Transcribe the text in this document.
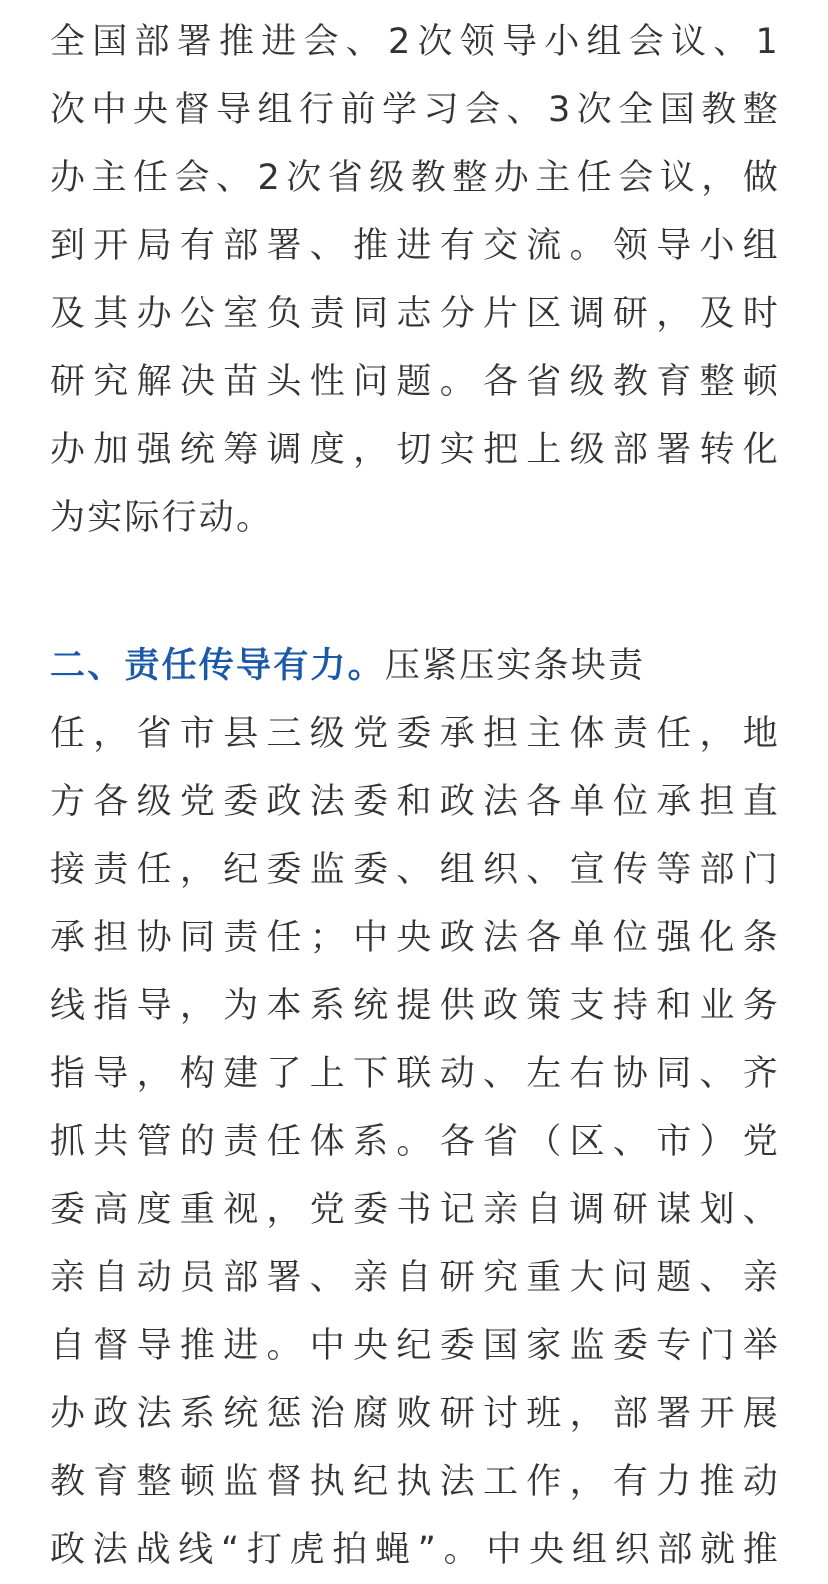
全国部署推进会、2次领导小组会议、1
次中央督导组行前学习会、3次全国教整
办主任会、2次省级教整办主任会议，做
到开局有部署、推进有交流。领导小组
及其办公室负责同志分片区调研，及时
研究解决苗头性问题。各省级教育整顿
办加强统筹调度，切实把上级部署转化
为实际行动。
二、责任传导有力。压紧压实条块责
任，省市县三级党委承担主体责任，地
方各级党委政法委和政法各单位承担直
接责任，纪委监委、组织、宣传等部门
承担协同责任；中央政法各单位强化条
线指导，为本系统提供政策支持和业务
指导，构建了上下联动、左右协同、齐
抓共管的责任体系。各省（区、市）党
委高度重视，党委书记亲自调研谋划、
亲自动员部署、亲自研究重大问题、亲
自督导推进。中央纪委国家监委专门举
办政法系统惩治腐败研讨班，部署开展
教育整顿监督执纪执法工作，有力推动
政法战线“打虎拍蝇”。中央组织部就推
